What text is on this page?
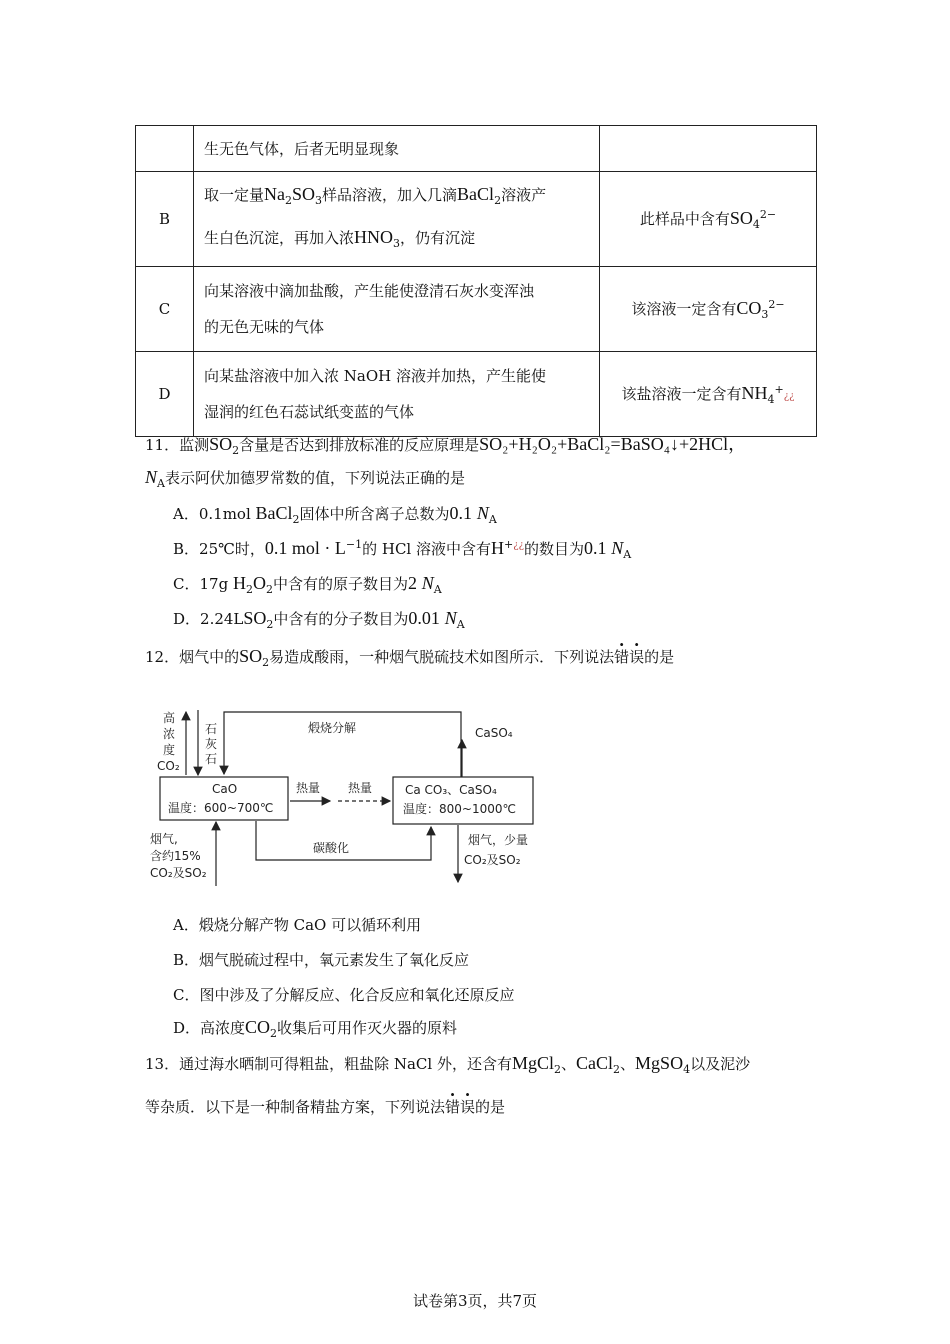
	生无色气体，后者无明显现象	
B	取一定量$Na_2SO_3$样品溶液，加入几滴BaCl$_2$溶液产
生白色沉淀，再加入浓$HNO_3$，仍有沉淀	此样品中含有$SO_4^{2-}$
C	向某溶液中滴加盐酸，产生能使澄清石灰水变浑浊
的无色无味的气体	该溶液一定含有$CO_3^{2-}$
D	向某盐溶液中加入浓 NaOH 溶液并加热，产生能使
湿润的红色石蕊试纸变蓝的气体	该盐溶液一定含有$NH_4^+¿¿$
11．监测$SO_2$含量是否达到排放标准的反应原理是SO₂+H₂O₂+BaCl₂=BaSO₄↓+2HCl，
$N_A$表示阿伏加德罗常数的值，下列说法正确的是
A．0.1mol BaCl$_2$固体中所含离子总数为0.1 $N_A$
B．25℃时，0.1 mol · $L^{-1}$的 HCl 溶液中含有H+¿¿的数目为0.1 $N_A$
C．17g $H_2O_2$中含有的原子数目为2 $N_A$
D．$2.24LSO_2$中含有的分子数目为0.01 $N_A$
12．烟气中的$SO_2$易造成酸雨，一种烟气脱硫技术如图所示．下列说法错误的是
高
浓
度
CO₂
石
灰
石
煅烧分解	CaSO₄
CaO
温度：600~700℃
热量 热量	Ca CO₃、CaSO₄
温度：800~1000℃
烟气,
含约15%
CO₂及SO₂
碳酸化
烟气，少量
CO₂及SO₂
A．煅烧分解产物 CaO 可以循环利用
B．烟气脱硫过程中，氧元素发生了氧化反应
C．图中涉及了分解反应、化合反应和氧化还原反应
D．高浓度$CO_2$收集后可用作灭火器的原料
13．通过海水晒制可得粗盐，粗盐除 NaCl 外，还含有MgCl$_2$、CaCl$_2$、MgSO$_4$以及泥沙
等杂质．以下是一种制备精盐方案，下列说法错误的是
试卷第3页，共7页
